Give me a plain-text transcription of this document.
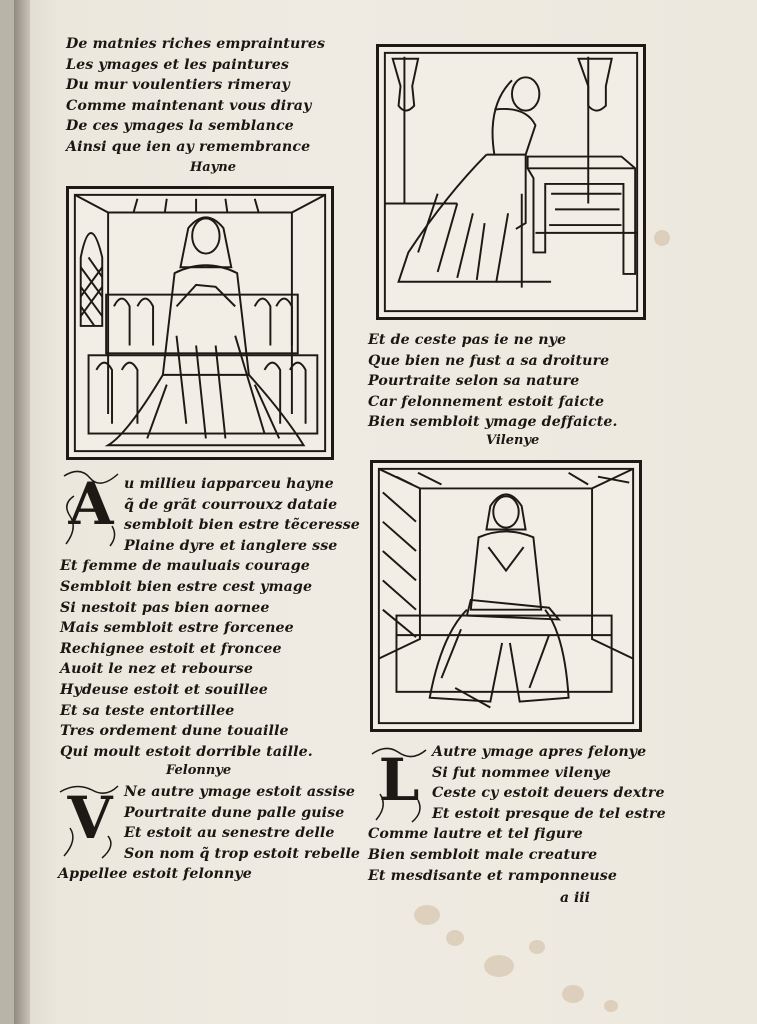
De matnies riches empraintures
Les ymages et les paintures
Du mur voulentiers rimeray
Comme maintenant vous diray
De ces ymages la semblance
Ainsi que ien ay remembrance
Hayne
A u millieu iapparceu hayne
q̃ de grãt courrouxz dataie
sembloit bien estre tẽceresse
Plaine dyre et ianglere sse
Et femme de mauluais courage
Sembloit bien estre cest ymage
Si nestoit pas bien aornee
Mais sembloit estre forcenee
Rechignee estoit et froncee
Auoit le nez et rebourse
Hydeuse estoit et souillee
Et sa teste entortillee
Tres ordement dune touaille
Qui moult estoit dorrible taille.
Felonnye
V Ne autre ymage estoit assise
Pourtraite dune palle guise
Et estoit au senestre delle
Son nom q̃ trop estoit rebelle
Appellee estoit felonnye
Et de ceste pas ie ne nye
Que bien ne fust a sa droiture
Pourtraite selon sa nature
Car felonnement estoit faicte
Bien sembloit ymage deffaicte.
Vilenye
L Autre ymage apres felonye
Si fut nommee vilenye
Ceste cy estoit deuers dextre
Et estoit presque de tel estre
Comme lautre et tel figure
Bien sembloit male creature
Et mesdisante et ramponneuse
a iii
